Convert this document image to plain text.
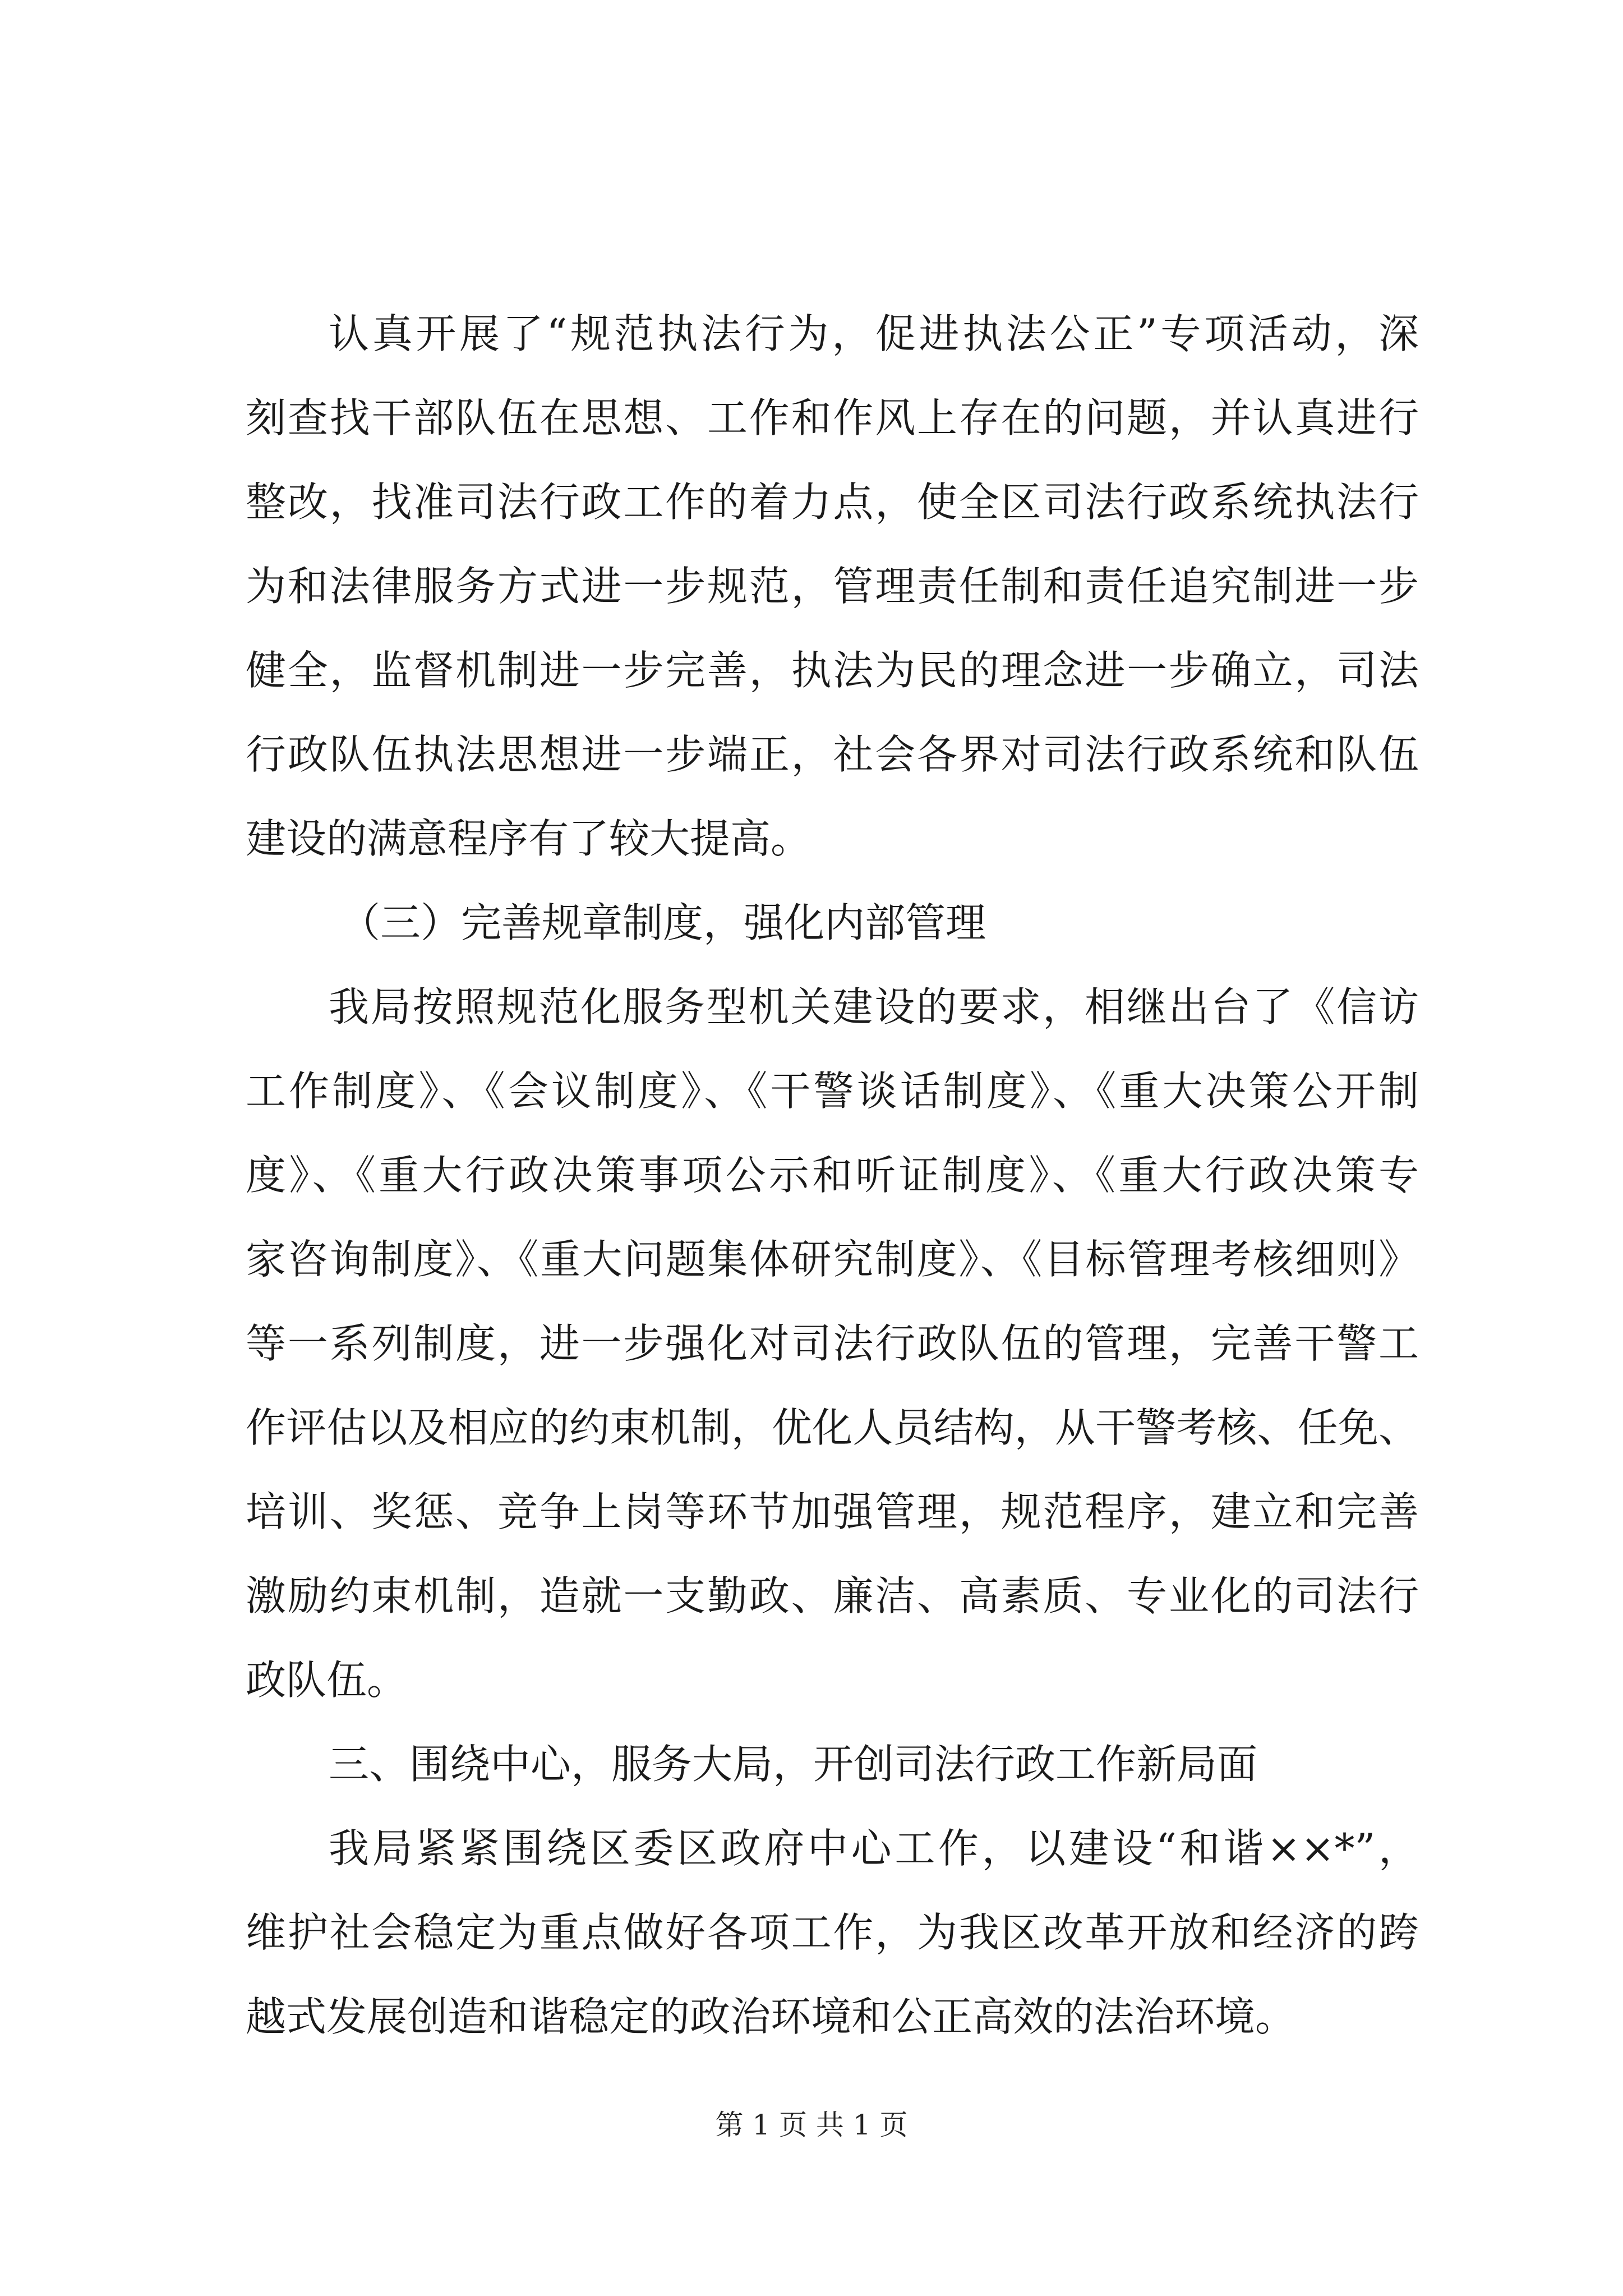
认真开展了“规范执法行为，促进执法公正”专项活动，深
刻查找干部队伍在思想、工作和作风上存在的问题，并认真进行
整改，找准司法行政工作的着力点，使全区司法行政系统执法行
为和法律服务方式进一步规范，管理责任制和责任追究制进一步
健全，监督机制进一步完善，执法为民的理念进一步确立，司法
行政队伍执法思想进一步端正，社会各界对司法行政系统和队伍
建设的满意程序有了较大提高。
（三）完善规章制度，强化内部管理
我局按照规范化服务型机关建设的要求，相继出台了《信访
工作制度》、《会议制度》、《干警谈话制度》、《重大决策公开制
度》、《重大行政决策事项公示和听证制度》、《重大行政决策专
家咨询制度》、《重大问题集体研究制度》、《目标管理考核细则》
等一系列制度，进一步强化对司法行政队伍的管理，完善干警工
作评估以及相应的约束机制，优化人员结构，从干警考核、任免、
培训、奖惩、竞争上岗等环节加强管理，规范程序，建立和完善
激励约束机制，造就一支勤政、廉洁、高素质、专业化的司法行
政队伍。
三、围绕中心，服务大局，开创司法行政工作新局面
我局紧紧围绕区委区政府中心工作，以建设“和谐××*”，
维护社会稳定为重点做好各项工作，为我区改革开放和经济的跨
越式发展创造和谐稳定的政治环境和公正高效的法治环境。
第 1 页 共 1 页
